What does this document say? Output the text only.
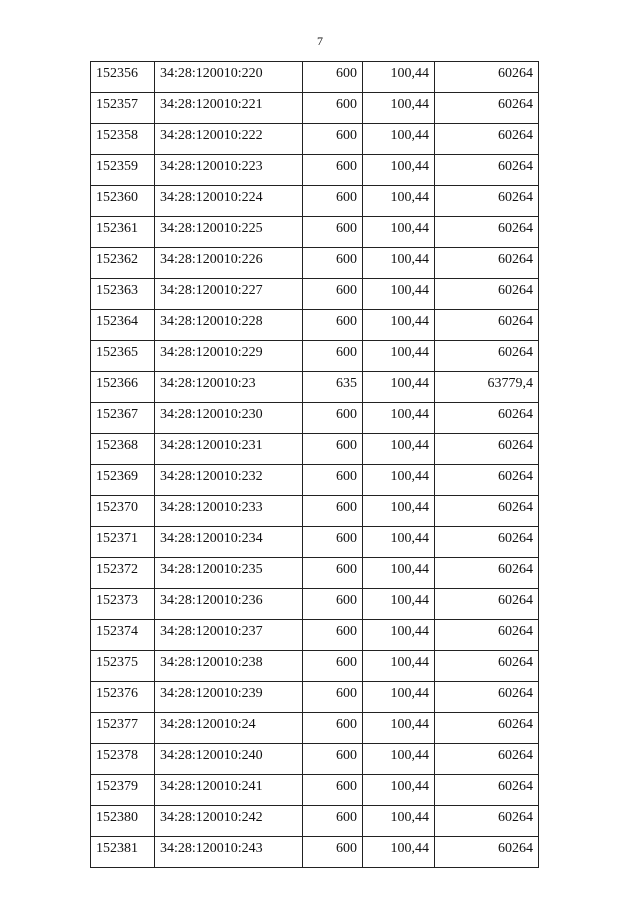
7
152356	34:28:120010:220	600	100,44	60264
152357	34:28:120010:221	600	100,44	60264
152358	34:28:120010:222	600	100,44	60264
152359	34:28:120010:223	600	100,44	60264
152360	34:28:120010:224	600	100,44	60264
152361	34:28:120010:225	600	100,44	60264
152362	34:28:120010:226	600	100,44	60264
152363	34:28:120010:227	600	100,44	60264
152364	34:28:120010:228	600	100,44	60264
152365	34:28:120010:229	600	100,44	60264
152366	34:28:120010:23	635	100,44	63779,4
152367	34:28:120010:230	600	100,44	60264
152368	34:28:120010:231	600	100,44	60264
152369	34:28:120010:232	600	100,44	60264
152370	34:28:120010:233	600	100,44	60264
152371	34:28:120010:234	600	100,44	60264
152372	34:28:120010:235	600	100,44	60264
152373	34:28:120010:236	600	100,44	60264
152374	34:28:120010:237	600	100,44	60264
152375	34:28:120010:238	600	100,44	60264
152376	34:28:120010:239	600	100,44	60264
152377	34:28:120010:24	600	100,44	60264
152378	34:28:120010:240	600	100,44	60264
152379	34:28:120010:241	600	100,44	60264
152380	34:28:120010:242	600	100,44	60264
152381	34:28:120010:243	600	100,44	60264
